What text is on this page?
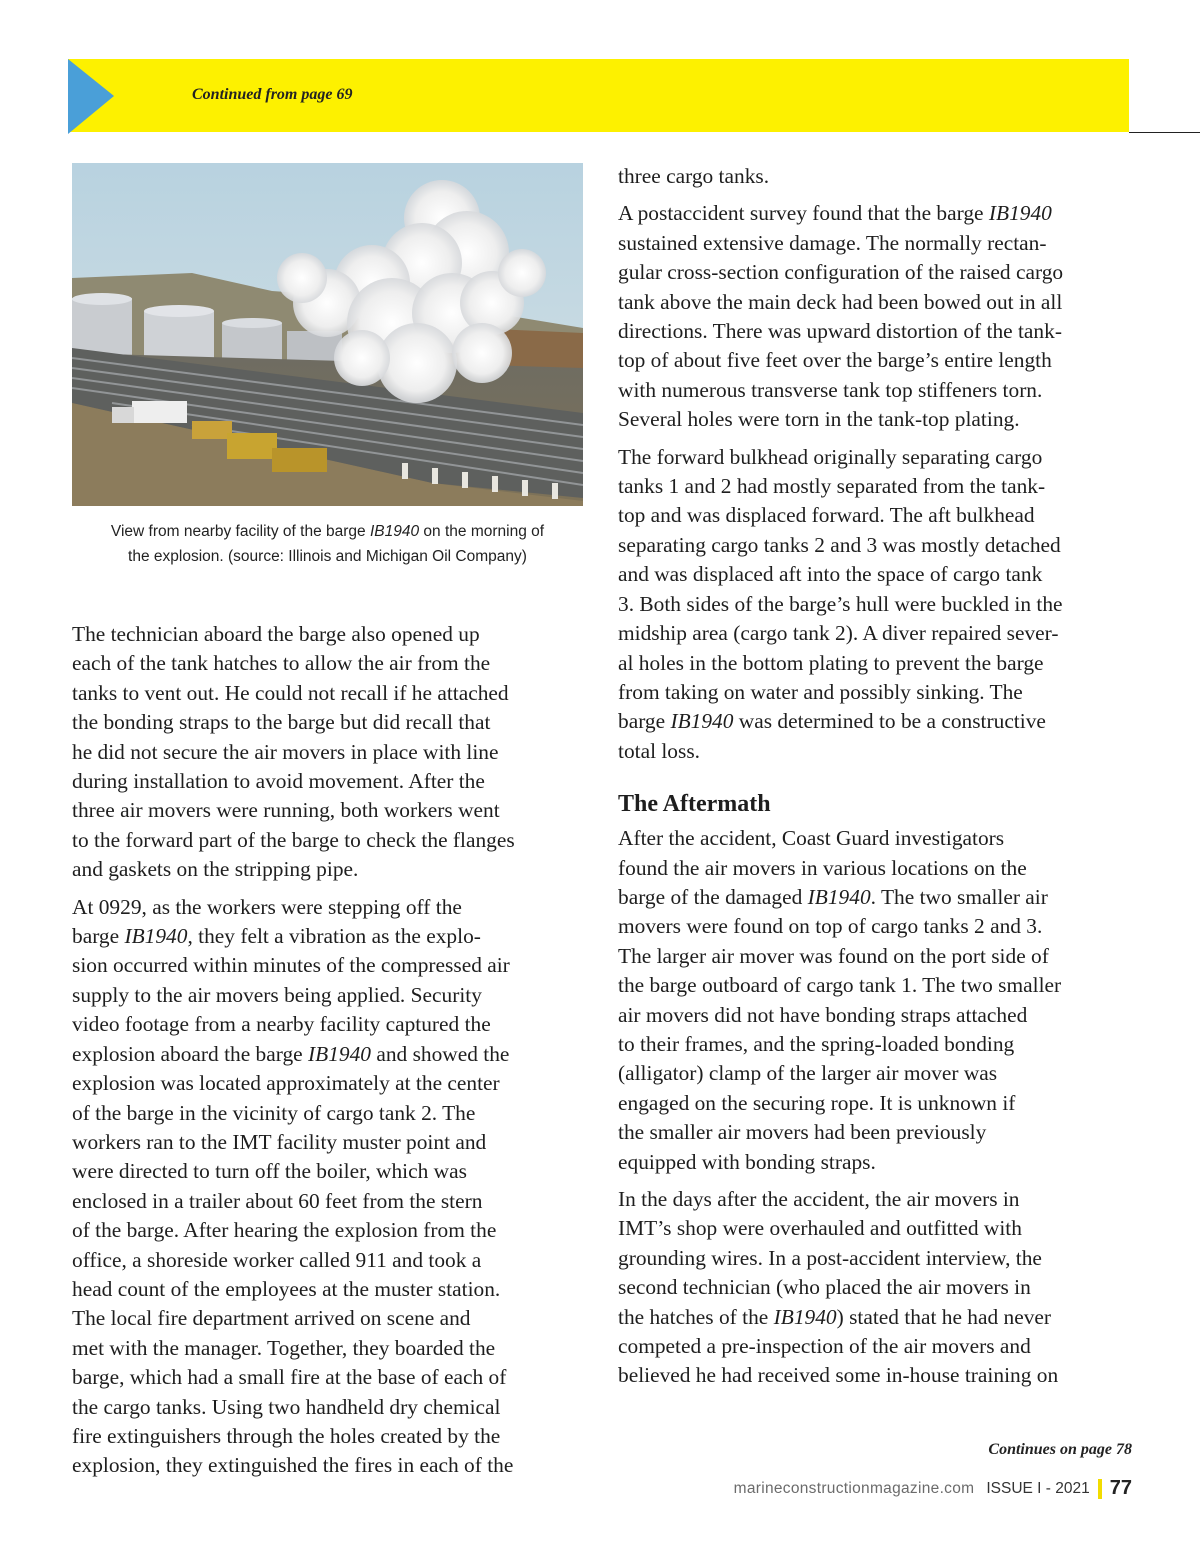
Continued from page 69

View from nearby facility of the barge IB1940 on the morning of

the explosion. (source: Illinois and Michigan Oil Company)

The technician aboard the barge also opened up
each of the tank hatches to allow the air from the
tanks to vent out. He could not recall if he attached
the bonding straps to the barge but did recall that
he did not secure the air movers in place with line
during installation to avoid movement. After the
three air movers were running, both workers went
to the forward part of the barge to check the flanges
and gaskets on the stripping pipe.

At 0929, as the workers were stepping off the
barge IB1940, they felt a vibration as the explo-
sion occurred within minutes of the compressed air
supply to the air movers being applied. Security
video footage from a nearby facility captured the
explosion aboard the barge IB1940 and showed the
explosion was located approximately at the center
of the barge in the vicinity of cargo tank 2. The
workers ran to the IMT facility muster point and
were directed to turn off the boiler, which was
enclosed in a trailer about 60 feet from the stern
of the barge. After hearing the explosion from the
office, a shoreside worker called 911 and took a
head count of the employees at the muster station.
The local fire department arrived on scene and
met with the manager. Together, they boarded the
barge, which had a small fire at the base of each of
the cargo tanks. Using two handheld dry chemical
fire extinguishers through the holes created by the
explosion, they extinguished the fires in each of the

three cargo tanks.

A postaccident survey found that the barge IB1940
sustained extensive damage. The normally rectan-
gular cross-section configuration of the raised cargo
tank above the main deck had been bowed out in all
directions. There was upward distortion of the tank-
top of about five feet over the barge’s entire length
with numerous transverse tank top stiffeners torn.
Several holes were torn in the tank-top plating.

The forward bulkhead originally separating cargo
tanks 1 and 2 had mostly separated from the tank-
top and was displaced forward. The aft bulkhead
separating cargo tanks 2 and 3 was mostly detached
and was displaced aft into the space of cargo tank
3. Both sides of the barge’s hull were buckled in the
midship area (cargo tank 2). A diver repaired sever-
al holes in the bottom plating to prevent the barge
from taking on water and possibly sinking. The
barge IB1940 was determined to be a constructive
total loss.

The Aftermath

After the accident, Coast Guard investigators
found the air movers in various locations on the
barge of the damaged IB1940. The two smaller air
movers were found on top of cargo tanks 2 and 3.
The larger air mover was found on the port side of
the barge outboard of cargo tank 1. The two smaller
air movers did not have bonding straps attached
to their frames, and the spring-loaded bonding
(alligator) clamp of the larger air mover was
engaged on the securing rope. It is unknown if
the smaller air movers had been previously
equipped with bonding straps.

In the days after the accident, the air movers in
IMT’s shop were overhauled and outfitted with
grounding wires. In a post-accident interview, the
second technician (who placed the air movers in
the hatches of the IB1940) stated that he had never
competed a pre-inspection of the air movers and
believed he had received some in-house training on

Continues on page 78
marineconstructionmagazine.com ISSUE I - 2021 77
